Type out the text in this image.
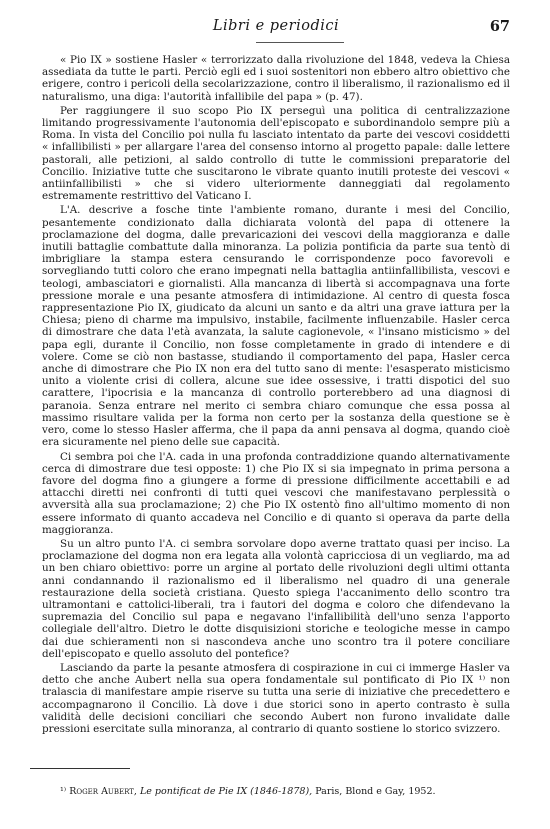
Libri e periodici	67

« Pio IX » sostiene Hasler « terrorizzato dalla rivoluzione del 1848, vedeva la Chiesa assediata da tutte le parti. Perciò egli ed i suoi sostenitori non ebbero altro obiettivo che erigere, contro i pericoli della secolarizzazione, contro il liberalismo, il razionalismo ed il naturalismo, una diga: l'autorità infallibile del papa » (p. 47).

Per raggiungere il suo scopo Pio IX perseguì una politica di centralizzazione limitando progressivamente l'autonomia dell'episcopato e subordinandolo sempre più a Roma. In vista del Concilio poi nulla fu lasciato intentato da parte dei vescovi cosiddetti « infallibilisti » per allargare l'area del consenso intorno al progetto papale: dalle lettere pastorali, alle petizioni, al saldo controllo di tutte le commissioni preparatorie del Concilio. Iniziative tutte che suscitarono le vibrate quanto inutili proteste dei vescovi « antiinfallibilisti » che si videro ulteriormente danneggiati dal regolamento estremamente restrittivo del Vaticano I.

L'A. descrive a fosche tinte l'ambiente romano, durante i mesi del Concilio, pesantemente condizionato dalla dichiarata volontà del papa di ottenere la proclamazione del dogma, dalle prevaricazioni dei vescovi della maggioranza e dalle inutili battaglie combattute dalla minoranza. La polizia pontificia da parte sua tentò di imbrigliare la stampa estera censurando le corrispondenze poco favorevoli e sorvegliando tutti coloro che erano impegnati nella battaglia antiinfallibilista, vescovi e teologi, ambasciatori e giornalisti. Alla mancanza di libertà si accompagnava una forte pressione morale e una pesante atmosfera di intimidazione. Al centro di questa fosca rappresentazione Pio IX, giudicato da alcuni un santo e da altri una grave iattura per la Chiesa; pieno di charme ma impulsivo, instabile, facilmente influenzabile. Hasler cerca di dimostrare che data l'età avanzata, la salute cagionevole, « l'insano misticismo » del papa egli, durante il Concilio, non fosse completamente in grado di intendere e di volere. Come se ciò non bastasse, studiando il comportamento del papa, Hasler cerca anche di dimostrare che Pio IX non era del tutto sano di mente: l'esasperato misticismo unito a violente crisi di collera, alcune sue idee ossessive, i tratti dispotici del suo carattere, l'ipocrisia e la mancanza di controllo porterebbero ad una diagnosi di paranoia. Senza entrare nel merito ci sembra chiaro comunque che essa possa al massimo risultare valida per la forma non certo per la sostanza della questione se è vero, come lo stesso Hasler afferma, che il papa da anni pensava al dogma, quando cioè era sicuramente nel pieno delle sue capacità.

Ci sembra poi che l'A. cada in una profonda contraddizione quando alternativamente cerca di dimostrare due tesi opposte: 1) che Pio IX si sia impegnato in prima persona a favore del dogma fino a giungere a forme di pressione difficilmente accettabili e ad attacchi diretti nei confronti di tutti quei vescovi che manifestavano perplessità o avversità alla sua proclamazione; 2) che Pio IX ostentò fino all'ultimo momento di non essere informato di quanto accadeva nel Concilio e di quanto si operava da parte della maggioranza.

Su un altro punto l'A. ci sembra sorvolare dopo averne trattato quasi per inciso. La proclamazione del dogma non era legata alla volontà capricciosa di un vegliardo, ma ad un ben chiaro obiettivo: porre un argine al portato delle rivoluzioni degli ultimi ottanta anni condannando il razionalismo ed il liberalismo nel quadro di una generale restaurazione della società cristiana. Questo spiega l'accanimento dello scontro tra ultramontani e cattolici-liberali, tra i fautori del dogma e coloro che difendevano la supremazia del Concilio sul papa e negavano l'infallibilità dell'uno senza l'apporto collegiale dell'altro. Dietro le dotte disquisizioni storiche e teologiche messe in campo dai due schieramenti non si nascondeva anche uno scontro tra il potere conciliare dell'episcopato e quello assoluto del pontefice?

Lasciando da parte la pesante atmosfera di cospirazione in cui ci immerge Hasler va detto che anche Aubert nella sua opera fondamentale sul pontificato di Pio IX ¹⁾ non tralascia di manifestare ampie riserve su tutta una serie di iniziative che precedettero e accompagnarono il Concilio. Là dove i due storici sono in aperto contrasto è sulla validità delle decisioni conciliari che secondo Aubert non furono invalidate dalle pressioni esercitate sulla minoranza, al contrario di quanto sostiene lo storico svizzero.

¹⁾ Roger Aubert, Le pontificat de Pie IX (1846-1878), Paris, Blond e Gay, 1952.
